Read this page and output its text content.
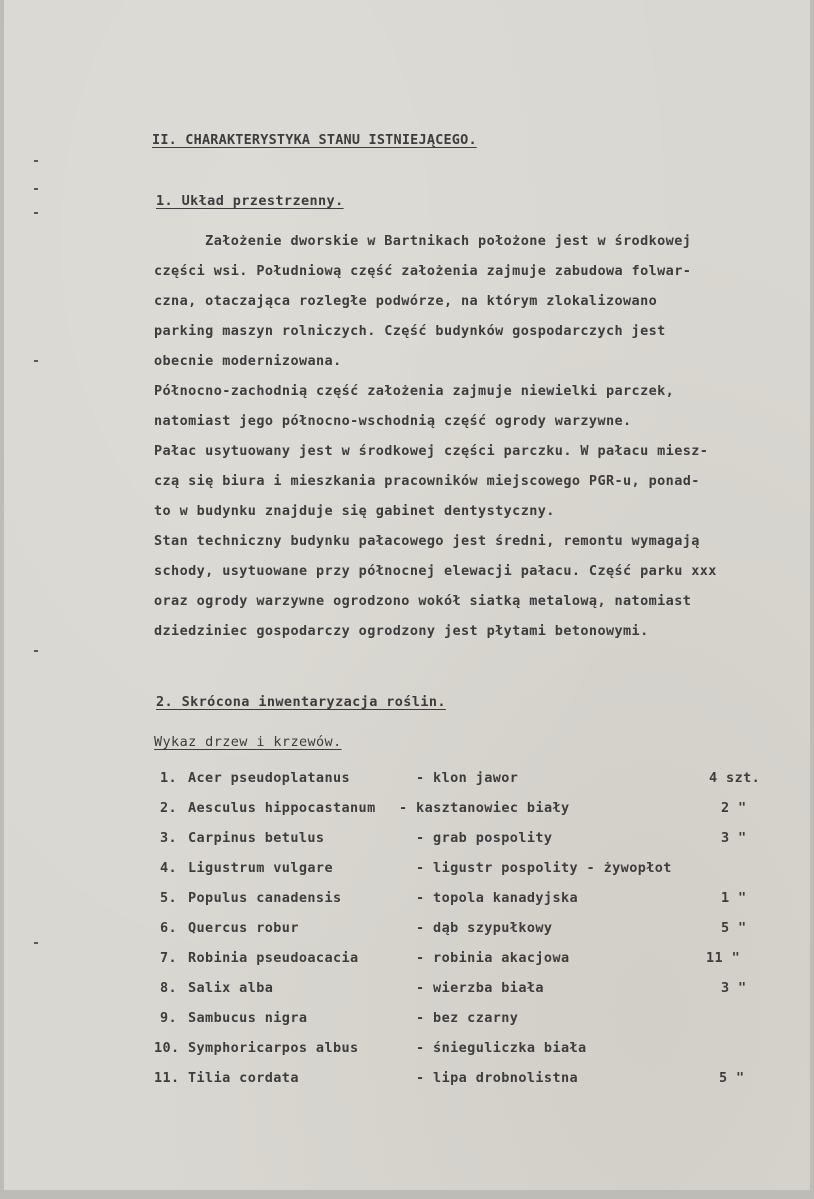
II. CHARAKTERYSTYKA STANU ISTNIEJĄCEGO.
1. Układ przestrzenny.
Założenie dworskie w Bartnikach położone jest w środkowej
części wsi. Południową część założenia zajmuje zabudowa folwar-
czna, otaczająca rozległe podwórze, na którym zlokalizowano
parking maszyn rolniczych. Część budynków gospodarczych jest
obecnie modernizowana.
Północno-zachodnią część założenia zajmuje niewielki parczek,
natomiast jego północno-wschodnią część ogrody warzywne.
Pałac usytuowany jest w środkowej części parczku. W pałacu miesz-
czą się biura i mieszkania pracowników miejscowego PGR-u, ponad-
to w budynku znajduje się gabinet dentystyczny.
Stan techniczny budynku pałacowego jest średni, remontu wymagają
schody, usytuowane przy północnej elewacji pałacu. Część parku xxx
oraz ogrody warzywne ogrodzono wokół siatką metalową, natomiast
dziedziniec gospodarczy ogrodzony jest płytami betonowymi.
2. Skrócona inwentaryzacja roślin.
Wykaz drzew i krzewów.
1. Acer pseudoplatanus	- klon jawor	4 szt.
2. Aesculus hippocastanum - kasztanowiec biały	2 "
3. Carpinus betulus	- grab pospolity	3 "
4. Ligustrum vulgare	- ligustr pospolity - żywopłot
5. Populus canadensis	- topola kanadyjska	1 "
6. Quercus robur	- dąb szypułkowy	5 "
7. Robinia pseudoacacia	- robinia akacjowa	11 "
8. Salix alba	- wierzba biała	3 "
9. Sambucus nigra	- bez czarny
10. Symphoricarpos albus	- śnieguliczka biała
11. Tilia cordata	- lipa drobnolistna	5 "
